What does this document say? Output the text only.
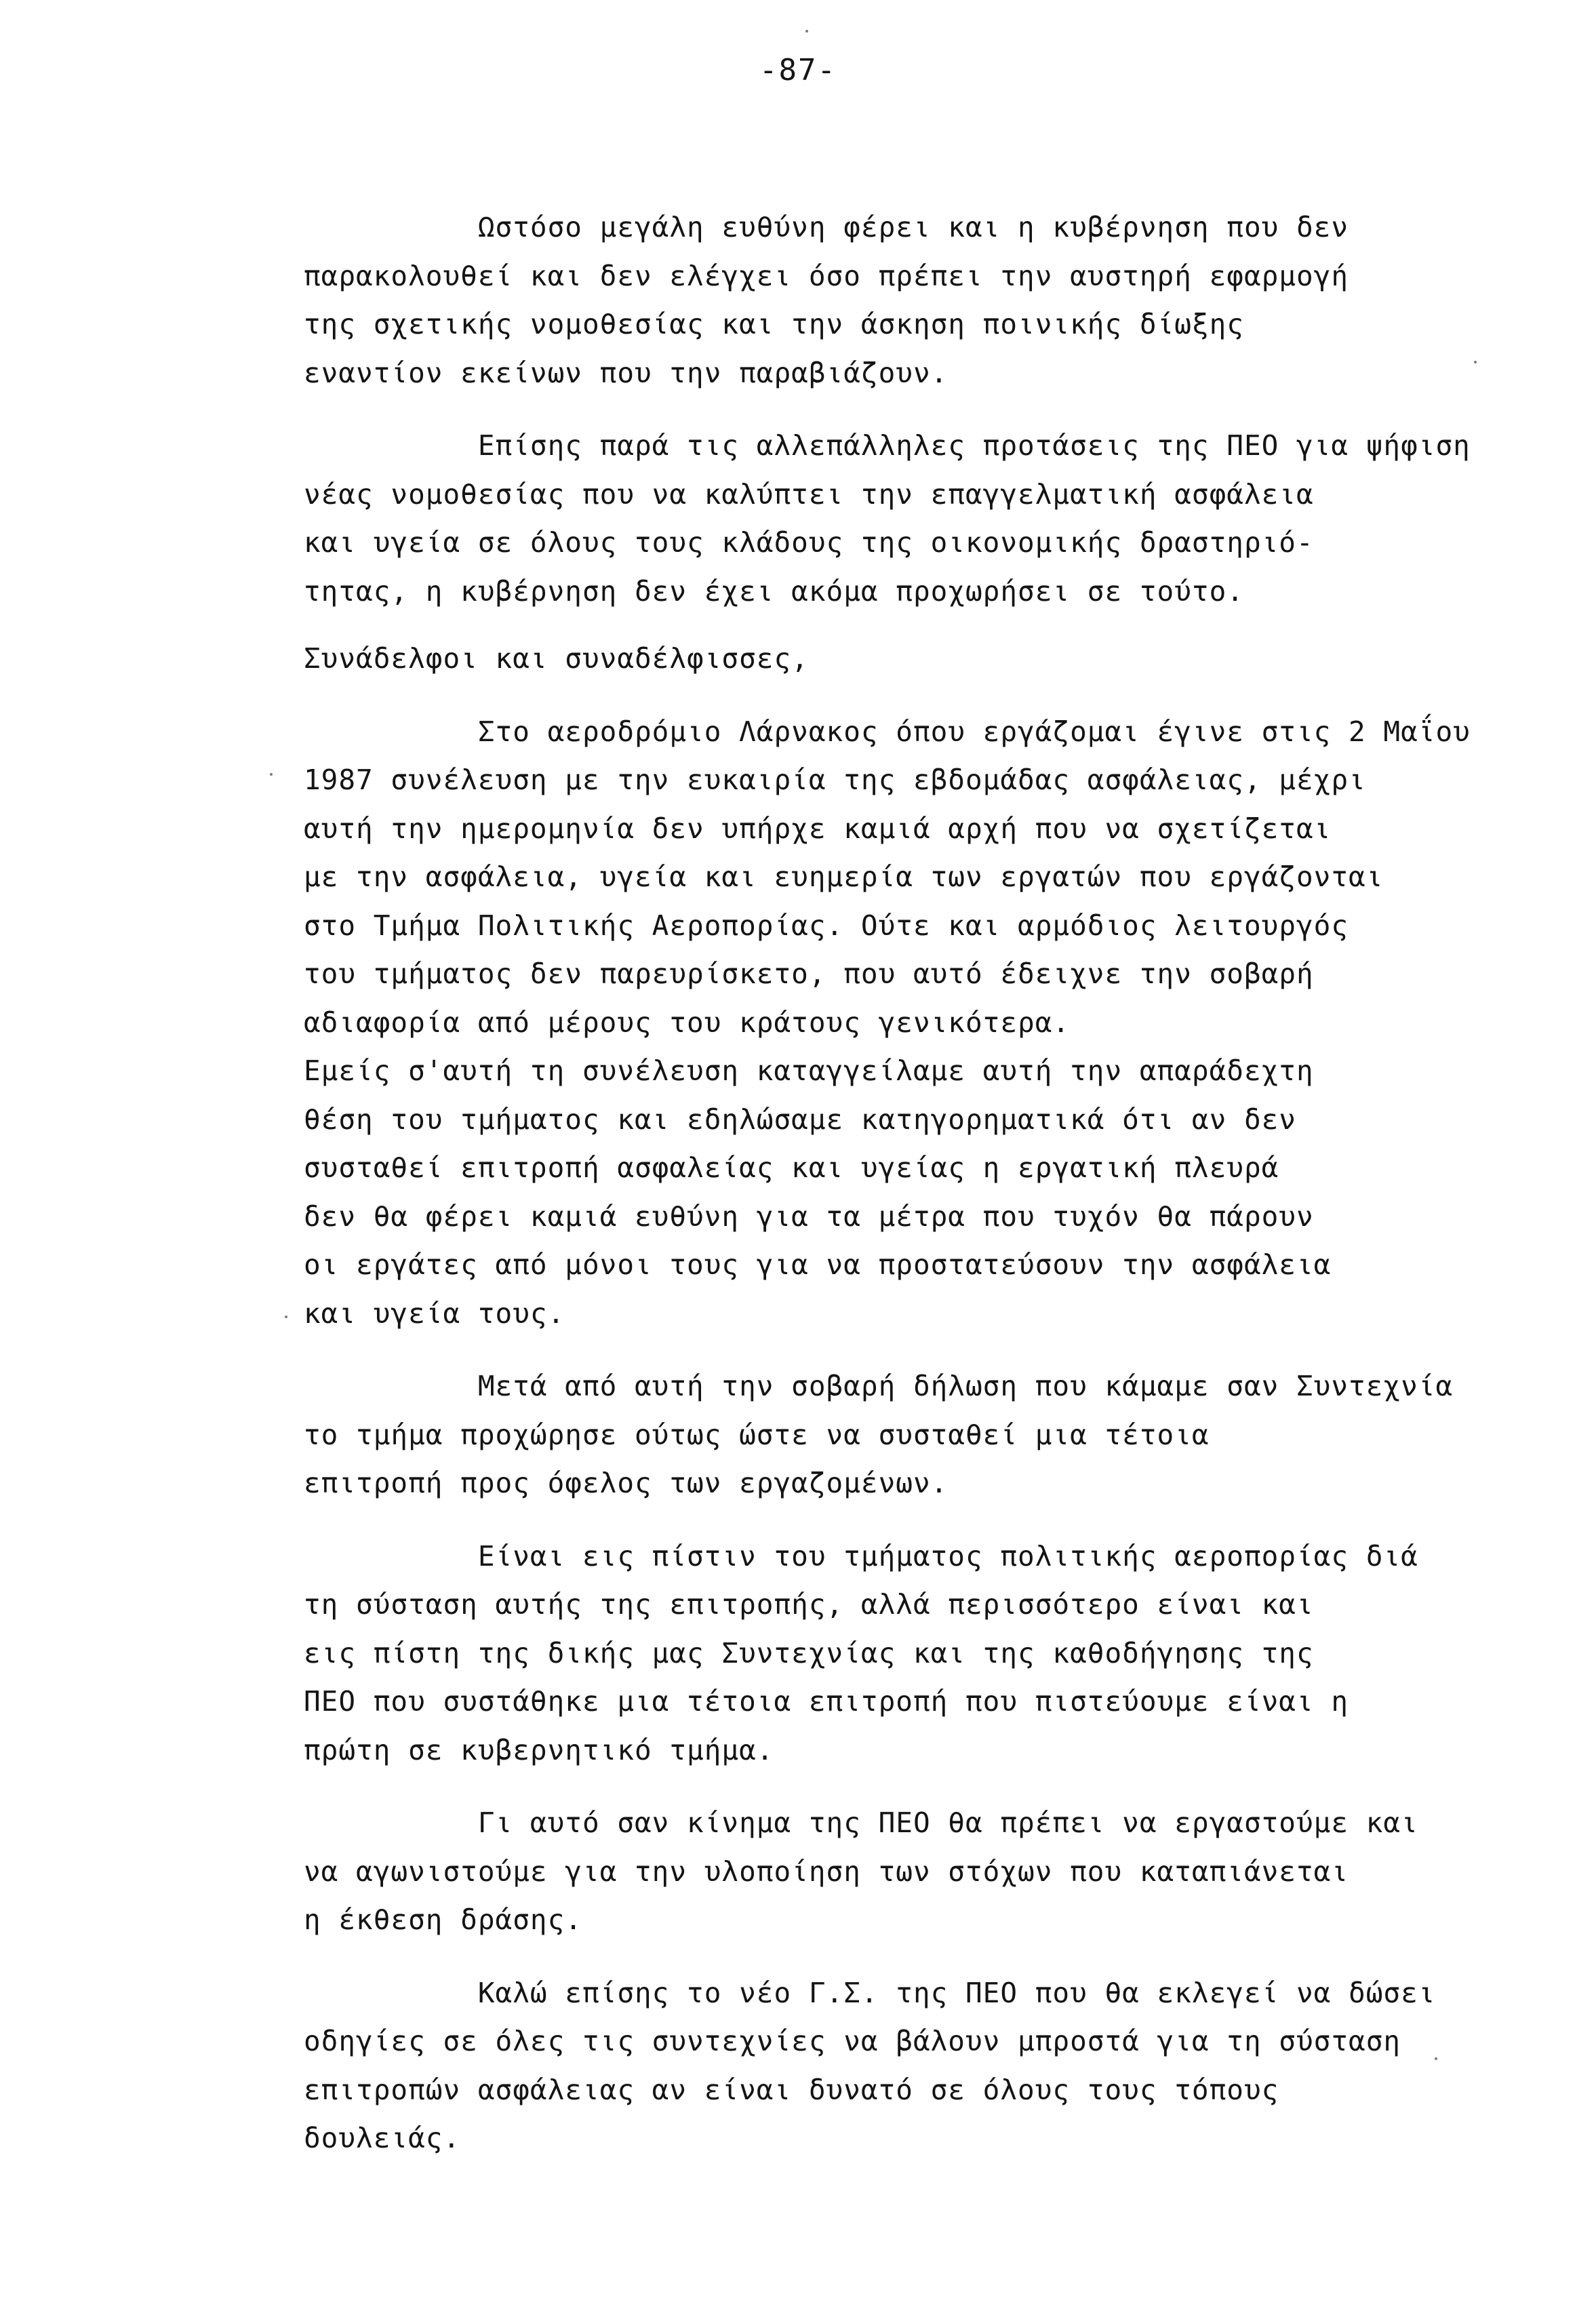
-87-
Ωστόσο μεγάλη ευθύνη φέρει και η κυβέρνηση που δεν
παρακολουθεί και δεν ελέγχει όσο πρέπει την αυστηρή εφαρμογή
της σχετικής νομοθεσίας και την άσκηση ποινικής δίωξης
εναντίον εκείνων που την παραβιάζουν.
Επίσης παρά τις αλλεπάλληλες προτάσεις της ΠΕΟ για ψήφιση
νέας νομοθεσίας που να καλύπτει την επαγγελματική ασφάλεια
και υγεία σε όλους τους κλάδους της οικονομικής δραστηριό-
τητας, η κυβέρνηση δεν έχει ακόμα προχωρήσει σε τούτο.
Συνάδελφοι και συναδέλφισσες,
Στο αεροδρόμιο Λάρνακος όπου εργάζομαι έγινε στις 2 Μαΐου
1987 συνέλευση με την ευκαιρία της εβδομάδας ασφάλειας, μέχρι
αυτή την ημερομηνία δεν υπήρχε καμιά αρχή που να σχετίζεται
με την ασφάλεια, υγεία και ευημερία των εργατών που εργάζονται
στο Τμήμα Πολιτικής Αεροπορίας. Ούτε και αρμόδιος λειτουργός
του τμήματος δεν παρευρίσκετο, που αυτό έδειχνε την σοβαρή
αδιαφορία από μέρους του κράτους γενικότερα.
Εμείς σ'αυτή τη συνέλευση καταγγείλαμε αυτή την απαράδεχτη
θέση του τμήματος και εδηλώσαμε κατηγορηματικά ότι αν δεν
συσταθεί επιτροπή ασφαλείας και υγείας η εργατική πλευρά
δεν θα φέρει καμιά ευθύνη για τα μέτρα που τυχόν θα πάρουν
οι εργάτες από μόνοι τους για να προστατεύσουν την ασφάλεια
και υγεία τους.
Μετά από αυτή την σοβαρή δήλωση που κάμαμε σαν Συντεχνία
το τμήμα προχώρησε ούτως ώστε να συσταθεί μια τέτοια
επιτροπή προς όφελος των εργαζομένων.
Είναι εις πίστιν του τμήματος πολιτικής αεροπορίας διά
τη σύσταση αυτής της επιτροπής, αλλά περισσότερο είναι και
εις πίστη της δικής μας Συντεχνίας και της καθοδήγησης της
ΠΕΟ που συστάθηκε μια τέτοια επιτροπή που πιστεύουμε είναι η
πρώτη σε κυβερνητικό τμήμα.
Γι αυτό σαν κίνημα της ΠΕΟ θα πρέπει να εργαστούμε και
να αγωνιστούμε για την υλοποίηση των στόχων που καταπιάνεται
η έκθεση δράσης.
Καλώ επίσης το νέο Γ.Σ. της ΠΕΟ που θα εκλεγεί να δώσει
οδηγίες σε όλες τις συντεχνίες να βάλουν μπροστά για τη σύσταση
επιτροπών ασφάλειας αν είναι δυνατό σε όλους τους τόπους
δουλειάς.
